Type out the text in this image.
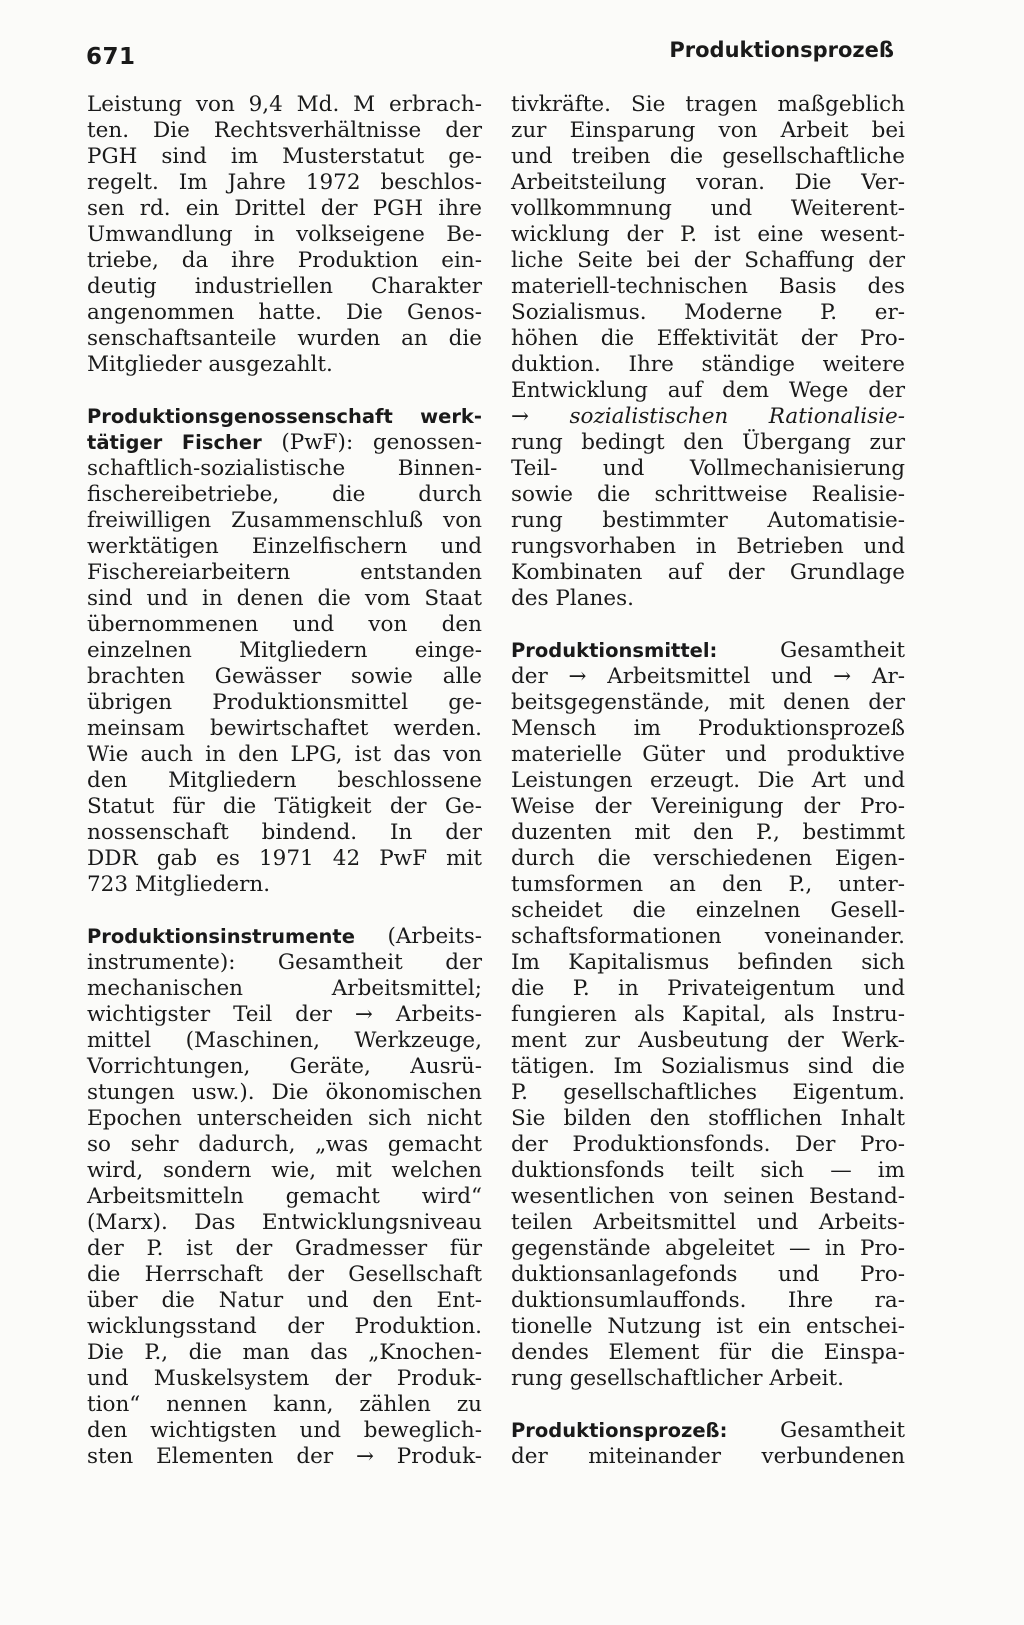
671	Produktionsprozeß
Leistung von 9,4 Md. M erbrach-
ten. Die Rechtsverhältnisse der
PGH sind im Musterstatut ge-
regelt. Im Jahre 1972 beschlos-
sen rd. ein Drittel der PGH ihre
Umwandlung in volkseigene Be-
triebe, da ihre Produktion ein-
deutig industriellen Charakter
angenommen hatte. Die Genos-
senschaftsanteile wurden an die
Mitglieder ausgezahlt.
Produktionsgenossenschaft werk-
tätiger Fischer (PwF): genossen-
schaftlich-sozialistische Binnen-
fischereibetriebe, die durch
freiwilligen Zusammenschluß von
werktätigen Einzelfischern und
Fischereiarbeitern entstanden
sind und in denen die vom Staat
übernommenen und von den
einzelnen Mitgliedern einge-
brachten Gewässer sowie alle
übrigen Produktionsmittel ge-
meinsam bewirtschaftet werden.
Wie auch in den LPG, ist das von
den Mitgliedern beschlossene
Statut für die Tätigkeit der Ge-
nossenschaft bindend. In der
DDR gab es 1971 42 PwF mit
723 Mitgliedern.
Produktionsinstrumente (Arbeits-
instrumente): Gesamtheit der
mechanischen Arbeitsmittel;
wichtigster Teil der → Arbeits-
mittel (Maschinen, Werkzeuge,
Vorrichtungen, Geräte, Ausrü-
stungen usw.). Die ökonomischen
Epochen unterscheiden sich nicht
so sehr dadurch, „was gemacht
wird, sondern wie, mit welchen
Arbeitsmitteln gemacht wird“
(Marx). Das Entwicklungsniveau
der P. ist der Gradmesser für
die Herrschaft der Gesellschaft
über die Natur und den Ent-
wicklungsstand der Produktion.
Die P., die man das „Knochen-
und Muskelsystem der Produk-
tion“ nennen kann, zählen zu
den wichtigsten und beweglich-
sten Elementen der → Produk-
tivkräfte. Sie tragen maßgeblich
zur Einsparung von Arbeit bei
und treiben die gesellschaftliche
Arbeitsteilung voran. Die Ver-
vollkommnung und Weiterent-
wicklung der P. ist eine wesent-
liche Seite bei der Schaffung der
materiell-technischen Basis des
Sozialismus. Moderne P. er-
höhen die Effektivität der Pro-
duktion. Ihre ständige weitere
Entwicklung auf dem Wege der
→ sozialistischen Rationalisie-
rung bedingt den Übergang zur
Teil- und Vollmechanisierung
sowie die schrittweise Realisie-
rung bestimmter Automatisie-
rungsvorhaben in Betrieben und
Kombinaten auf der Grundlage
des Planes.
Produktionsmittel:	Gesamtheit
der → Arbeitsmittel und → Ar-
beitsgegenstände, mit denen der
Mensch im Produktionsprozeß
materielle Güter und produktive
Leistungen erzeugt. Die Art und
Weise der Vereinigung der Pro-
duzenten mit den P., bestimmt
durch die verschiedenen Eigen-
tumsformen an den P., unter-
scheidet die einzelnen Gesell-
schaftsformationen voneinander.
Im Kapitalismus befinden sich
die P. in Privateigentum und
fungieren als Kapital, als Instru-
ment zur Ausbeutung der Werk-
tätigen. Im Sozialismus sind die
P. gesellschaftliches Eigentum.
Sie bilden den stofflichen Inhalt
der Produktionsfonds. Der Pro-
duktionsfonds teilt sich — im
wesentlichen von seinen Bestand-
teilen Arbeitsmittel und Arbeits-
gegenstände abgeleitet — in Pro-
duktionsanlagefonds und Pro-
duktionsumlauffonds. Ihre ra-
tionelle Nutzung ist ein entschei-
dendes Element für die Einspa-
rung gesellschaftlicher Arbeit.
Produktionsprozeß: Gesamtheit
der miteinander verbundenen
